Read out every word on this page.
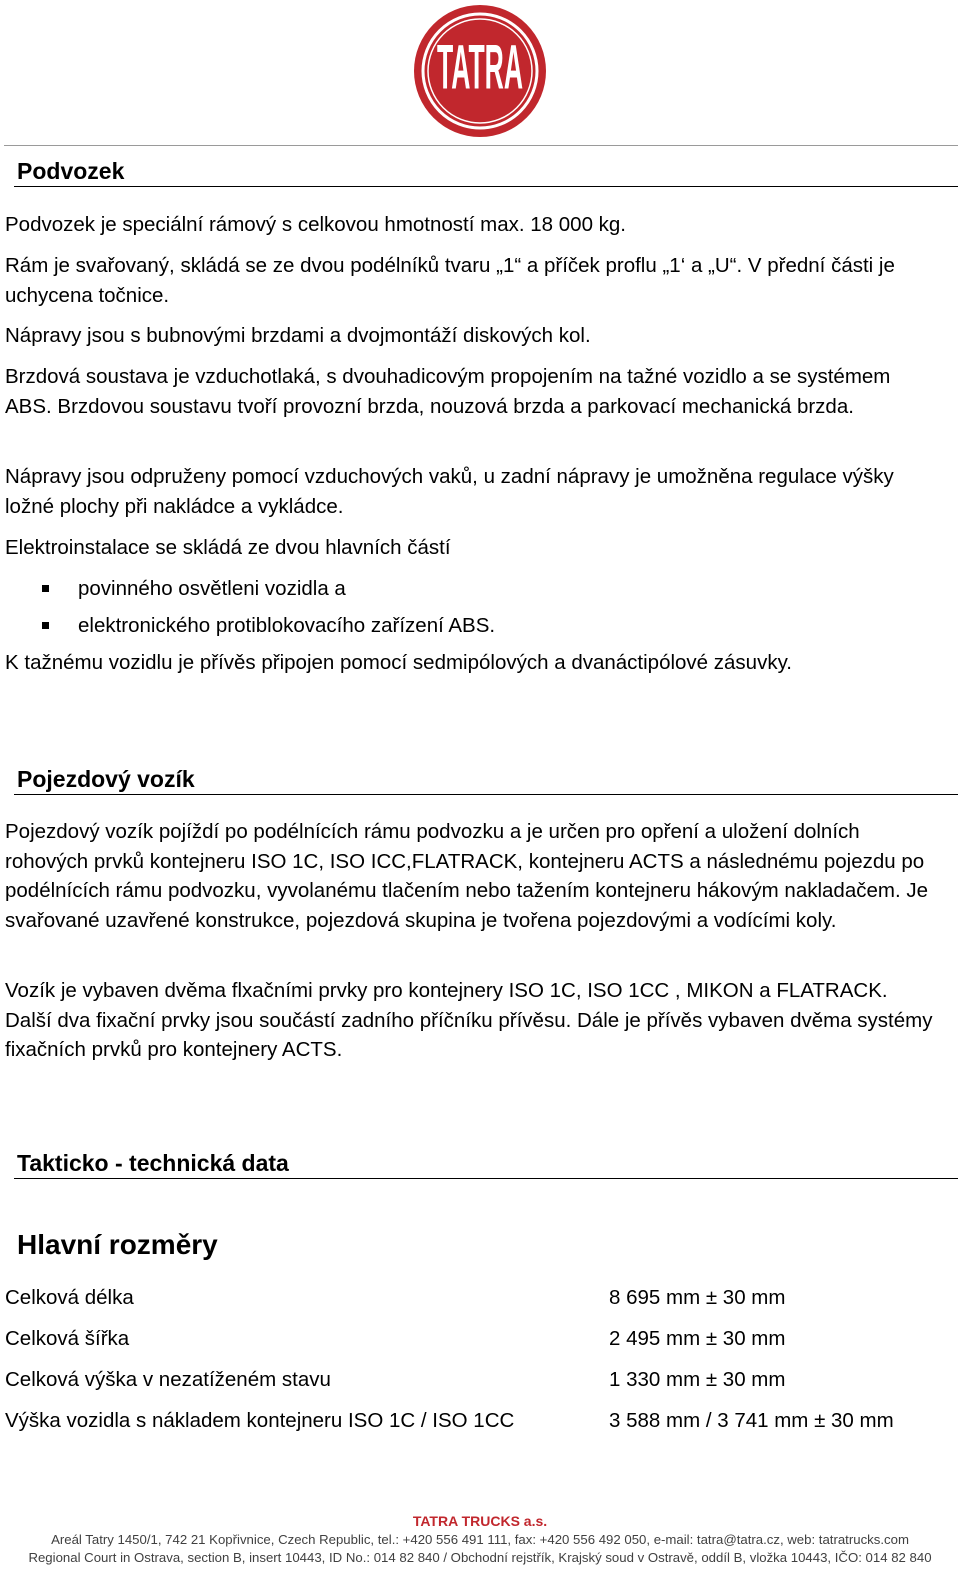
TATRA
Podvozek

Podvozek je speciální rámový s celkovou hmotností max. 18 000 kg.

Rám je svařovaný, skládá se ze dvou podélníků tvaru „1“ a příček proflu „1‘ a „U“. V přední části je uchycena točnice.

Nápravy jsou s bubnovými brzdami a dvojmontáží diskových kol.

Brzdová soustava je vzduchotlaká, s dvouhadicovým propojením na tažné vozidlo a se systémem ABS. Brzdovou soustavu tvoří provozní brzda, nouzová brzda a parkovací mechanická brzda.

Nápravy jsou odpruženy pomocí vzduchových vaků, u zadní nápravy je umožněna regulace výšky ložné plochy při nakládce a vykládce.

Elektroinstalace se skládá ze dvou hlavních částí

povinného osvětleni vozidla a
elektronického protiblokovacího zařízení ABS.

K tažnému vozidlu je přívěs připojen pomocí sedmipólových a dvanáctipólové zásuvky.

Pojezdový vozík

Pojezdový vozík pojíždí po podélnících rámu podvozku a je určen pro opření a uložení dolních rohových prvků kontejneru ISO 1C, ISO ICC,FLATRACK, kontejneru ACTS a následnému pojezdu po podélnících rámu podvozku, vyvolanému tlačením nebo tažením kontejneru hákovým nakladačem. Je svařované uzavřené konstrukce, pojezdová skupina je tvořena pojezdovými a vodícími koly.

Vozík je vybaven dvěma flxačními prvky pro kontejnery ISO 1C, ISO 1CC , MIKON a FLATRACK. Další dva fixační prvky jsou součástí zadního příčníku přívěsu. Dále je přívěs vybaven dvěma systémy fixačních prvků pro kontejnery ACTS.

Takticko - technická data
Hlavní rozměry
Celková délka	8 695 mm ± 30 mm
Celková šířka	2 495 mm ± 30 mm
Celková výška v nezatíženém stavu	1 330 mm ± 30 mm
Výška vozidla s nákladem kontejneru ISO 1C / ISO 1CC	3 588 mm / 3 741 mm ± 30 mm
TATRA TRUCKS a.s.
Areál Tatry 1450/1, 742 21 Kopřivnice, Czech Republic, tel.: +420 556 491 111, fax: +420 556 492 050, e-mail: tatra@tatra.cz, web: tatratrucks.com
Regional Court in Ostrava, section B, insert 10443, ID No.: 014 82 840 / Obchodní rejstřík, Krajský soud v Ostravě, oddíl B, vložka 10443, IČO: 014 82 840
